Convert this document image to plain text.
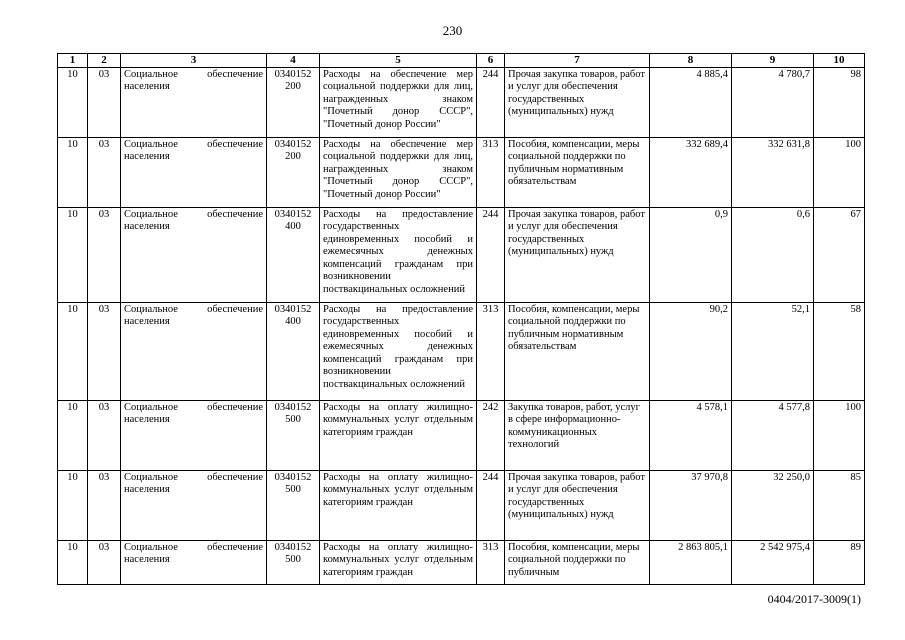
230
1	2	3	4	5	6	7	8	9	10
10	03	Социальное обеспечение населения	0340152 200	Расходы на обеспечение мер социальной поддержки для лиц, награжденных знаком "Почетный донор СССР", "Почетный донор России"	244	Прочая закупка товаров, работ и услуг для обеспечения государственных (муниципальных) нужд	4 885,4	4 780,7	98
10	03	Социальное обеспечение населения	0340152 200	Расходы на обеспечение мер социальной поддержки для лиц, награжденных знаком "Почетный донор СССР", "Почетный донор России"	313	Пособия, компенсации, меры социальной поддержки по публичным нормативным обязательствам	332 689,4	332 631,8	100
10	03	Социальное обеспечение населения	0340152 400	Расходы на предоставление государственных единовременных пособий и ежемесячных денежных компенсаций гражданам при возникновении поствакцинальных осложнений	244	Прочая закупка товаров, работ и услуг для обеспечения государственных (муниципальных) нужд	0,9	0,6	67
10	03	Социальное обеспечение населения	0340152 400	Расходы на предоставление государственных единовременных пособий и ежемесячных денежных компенсаций гражданам при возникновении поствакцинальных осложнений	313	Пособия, компенсации, меры социальной поддержки по публичным нормативным обязательствам	90,2	52,1	58
10	03	Социальное обеспечение населения	0340152 500	Расходы на оплату жилищно-коммунальных услуг отдельным категориям граждан	242	Закупка товаров, работ, услуг в сфере информационно-коммуникационных технологий	4 578,1	4 577,8	100
10	03	Социальное обеспечение населения	0340152 500	Расходы на оплату жилищно-коммунальных услуг отдельным категориям граждан	244	Прочая закупка товаров, работ и услуг для обеспечения государственных (муниципальных) нужд	37 970,8	32 250,0	85
10	03	Социальное обеспечение населения	0340152 500	Расходы на оплату жилищно-коммунальных услуг отдельным категориям граждан	313	Пособия, компенсации, меры социальной поддержки по публичным	2 863 805,1	2 542 975,4	89
0404/2017-3009(1)
